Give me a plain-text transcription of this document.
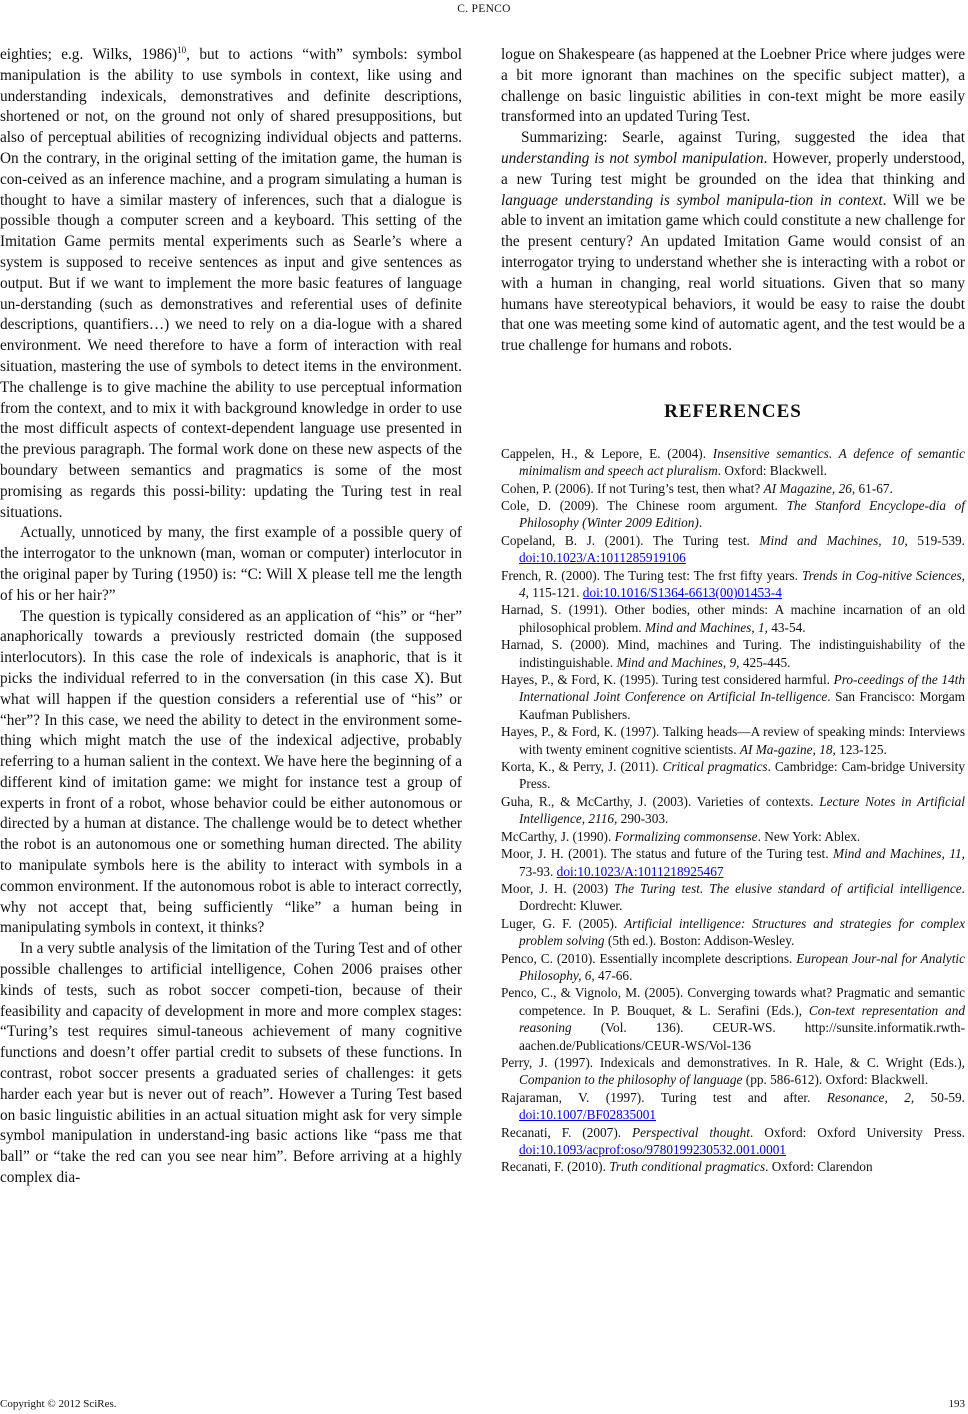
C. PENCO

eighties; e.g. Wilks, 1986)$^{10}$, but to actions “with” symbols: symbol manipulation is the ability to use symbols in context, like using and understanding indexicals, demonstratives and definite descriptions, shortened or not, on the ground not only of shared presuppositions, but also of perceptual abilities of recognizing individual objects and patterns. On the contrary, in the original setting of the imitation game, the human is con-ceived as an inference machine, and a program simulating a human is thought to have a similar mastery of inferences, such that a dialogue is possible though a computer screen and a keyboard. This setting of the Imitation Game permits mental experiments such as Searle’s where a system is supposed to receive sentences as input and give sentences as output. But if we want to implement the more basic features of language un-derstanding (such as demonstratives and referential uses of definite descriptions, quantifiers…) we need to rely on a dia-logue with a shared environment. We need therefore to have a form of interaction with real situation, mastering the use of symbols to detect items in the environment. The challenge is to give machine the ability to use perceptual information from the context, and to mix it with background knowledge in order to use the most difficult aspects of context-dependent language use presented in the previous paragraph. The formal work done on these new aspects of the boundary between semantics and pragmatics is some of the most promising as regards this possi-bility: updating the Turing test in real situations.

Actually, unnoticed by many, the first example of a possible query of the interrogator to the unknown (man, woman or computer) interlocutor in the original paper by Turing (1950) is: “C: Will X please tell me the length of his or her hair?”

The question is typically considered as an application of “his” or “her” anaphorically towards a previously restricted domain (the supposed interlocutors). In this case the role of indexicals is anaphoric, that is it picks the individual referred to in the conversation (in this case X). But what will happen if the question considers a referential use of “his” or “her”? In this case, we need the ability to detect in the environment some-thing which might match the use of the indexical adjective, probably referring to a human salient in the context. We have here the beginning of a different kind of imitation game: we might for instance test a group of experts in front of a robot, whose behavior could be either autonomous or directed by a human at distance. The challenge would be to detect whether the robot is an autonomous one or something human directed. The ability to manipulate symbols here is the ability to interact with symbols in a common environment. If the autonomous robot is able to interact correctly, why not accept that, being sufficiently “like” a human being in manipulating symbols in context, it thinks?

In a very subtle analysis of the limitation of the Turing Test and of other possible challenges to artificial intelligence, Cohen 2006 praises other kinds of tests, such as robot soccer competi-tion, because of their feasibility and capacity of development in more and more complex stages: “Turing’s test requires simul-taneous achievement of many cognitive functions and doesn’t offer partial credit to subsets of these functions. In contrast, robot soccer presents a graduated series of challenges: it gets harder each year but is never out of reach”. However a Turing Test based on basic linguistic abilities in an actual situation might ask for very simple symbol manipulation in understand-ing basic actions like “pass me that ball” or “take the red can you see near him”. Before arriving at a highly complex dia-

logue on Shakespeare (as happened at the Loebner Price where judges were a bit more ignorant than machines on the specific subject matter), a challenge on basic linguistic abilities in con-text might be more easily transformed into an updated Turing Test.

Summarizing: Searle, against Turing, suggested the idea that understanding is not symbol manipulation. However, properly understood, a new Turing test might be grounded on the idea that thinking and language understanding is symbol manipula-tion in context. Will we be able to invent an imitation game which could constitute a new challenge for the present century? An updated Imitation Game would consist of an interrogator trying to understand whether she is interacting with a robot or with a human in changing, real world situations. Given that so many humans have stereotypical behaviors, it would be easy to raise the doubt that one was meeting some kind of automatic agent, and the test would be a true challenge for humans and robots.

REFERENCES

Cappelen, H., & Lepore, E. (2004). Insensitive semantics. A defence of semantic minimalism and speech act pluralism. Oxford: Blackwell.

Cohen, P. (2006). If not Turing’s test, then what? AI Magazine, 26, 61-67.

Cole, D. (2009). The Chinese room argument. The Stanford Encyclope-dia of Philosophy (Winter 2009 Edition).

Copeland, B. J. (2001). The Turing test. Mind and Machines, 10, 519-539. doi:10.1023/A:1011285919106

French, R. (2000). The Turing test: The frst fifty years. Trends in Cog-nitive Sciences, 4, 115-121. doi:10.1016/S1364-6613(00)01453-4

Harnad, S. (1991). Other bodies, other minds: A machine incarnation of an old philosophical problem. Mind and Machines, 1, 43-54.

Harnad, S. (2000). Mind, machines and Turing. The indistinguishability of the indistinguishable. Mind and Machines, 9, 425-445.

Hayes, P., & Ford, K. (1995). Turing test considered harmful. Pro-ceedings of the 14th International Joint Conference on Artificial In-telligence. San Francisco: Morgam Kaufman Publishers.

Hayes, P., & Ford, K. (1997). Talking heads—A review of speaking minds: Interviews with twenty eminent cognitive scientists. AI Ma-gazine, 18, 123-125.

Korta, K., & Perry, J. (2011). Critical pragmatics. Cambridge: Cam-bridge University Press.

Guha, R., & McCarthy, J. (2003). Varieties of contexts. Lecture Notes in Artificial Intelligence, 2116, 290-303.

McCarthy, J. (1990). Formalizing commonsense. New York: Ablex.

Moor, J. H. (2001). The status and future of the Turing test. Mind and Machines, 11, 73-93. doi:10.1023/A:1011218925467

Moor, J. H. (2003) The Turing test. The elusive standard of artificial intelligence. Dordrecht: Kluwer.

Luger, G. F. (2005). Artificial intelligence: Structures and strategies for complex problem solving (5th ed.). Boston: Addison-Wesley.

Penco, C. (2010). Essentially incomplete descriptions. European Jour-nal for Analytic Philosophy, 6, 47-66.

Penco, C., & Vignolo, M. (2005). Converging towards what? Pragmatic and semantic competence. In P. Bouquet, & L. Serafini (Eds.), Con-text representation and reasoning (Vol. 136). CEUR-WS. http://sunsite.informatik.rwth-aachen.de/Publications/CEUR-WS/Vol-136

Perry, J. (1997). Indexicals and demonstratives. In R. Hale, & C. Wright (Eds.), Companion to the philosophy of language (pp. 586-612). Oxford: Blackwell.

Rajaraman, V. (1997). Turing test and after. Resonance, 2, 50-59. doi:10.1007/BF02835001

Recanati, F. (2007). Perspectival thought. Oxford: Oxford University Press. doi:10.1093/acprof:oso/9780199230532.001.0001

Recanati, F. (2010). Truth conditional pragmatics. Oxford: Clarendon

Copyright © 2012 SciRes.	193
